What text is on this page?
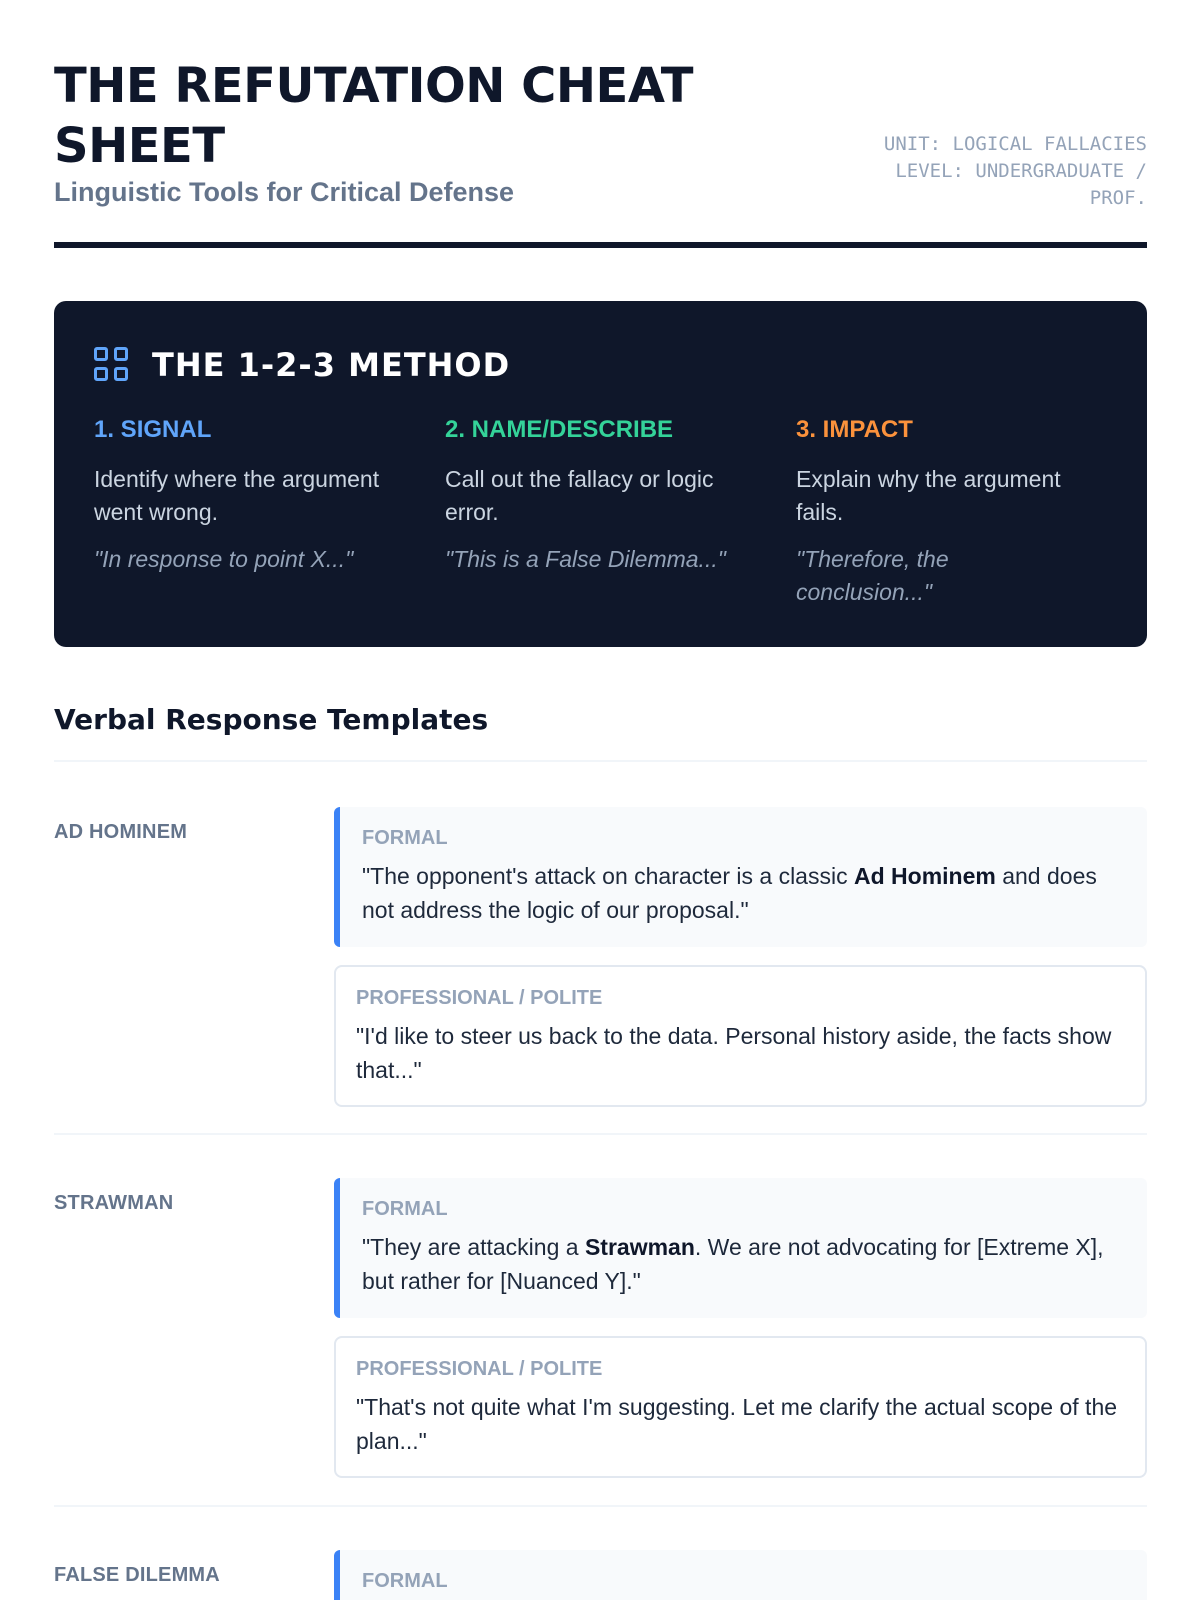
THE REFUTATION CHEAT SHEET
Linguistic Tools for Critical Defense
UNIT: LOGICAL FALLACIES
LEVEL: UNDERGRADUATE / PROF.
THE 1-2-3 METHOD
1. SIGNAL
Identify where the argument went wrong.
"In response to point X..."
2. NAME/DESCRIBE
Call out the fallacy or logic error.
"This is a False Dilemma..."
3. IMPACT
Explain why the argument fails.
"Therefore, the conclusion..."
Verbal Response Templates
AD HOMINEM	FORMAL
"The opponent's attack on character is a classic Ad Hominem and does not address the logic of our proposal."
PROFESSIONAL / POLITE
"I'd like to steer us back to the data. Personal history aside, the facts show that..."
STRAWMAN	FORMAL
"They are attacking a Strawman. We are not advocating for [Extreme X], but rather for [Nuanced Y]."
PROFESSIONAL / POLITE
"That's not quite what I'm suggesting. Let me clarify the actual scope of the plan..."
FALSE DILEMMA	FORMAL
